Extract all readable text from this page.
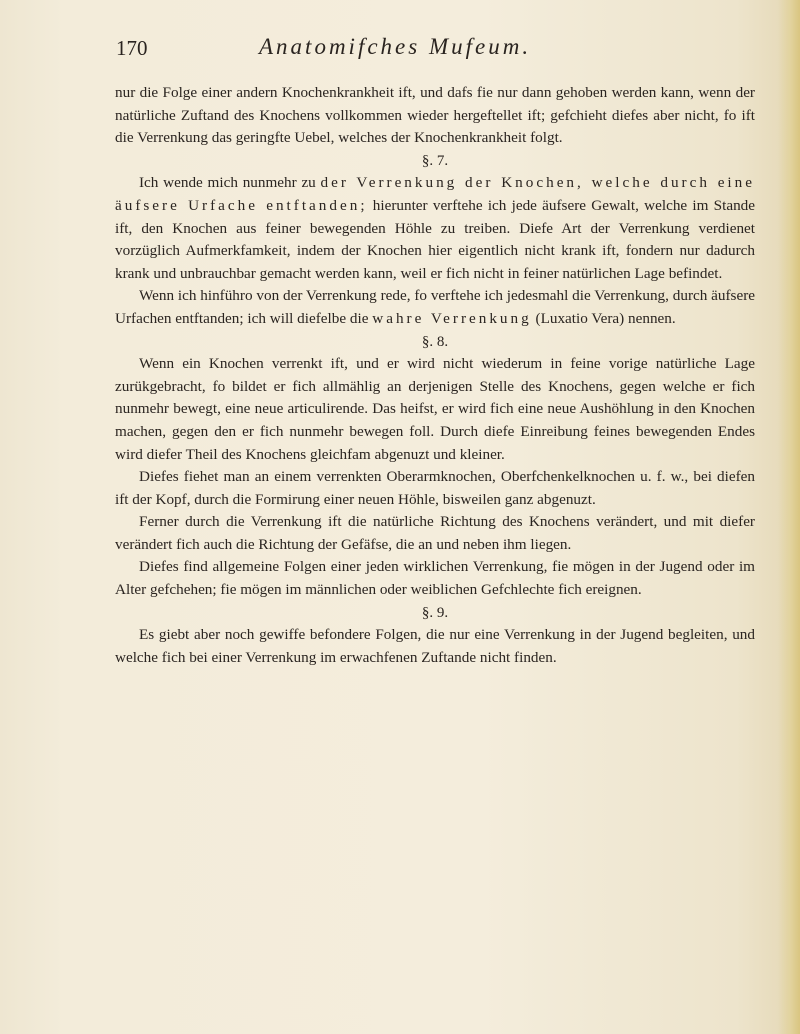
170	Anatomifches Mufeum.

nur die Folge einer andern Knochenkrankheit ift, und dafs fie nur dann gehoben werden kann, wenn der natürliche Zuftand des Knochens vollkommen wieder hergeftellet ift; gefchieht diefes aber nicht, fo ift die Verrenkung das geringfte Uebel, welches der Knochenkrankheit folgt.

§. 7.

Ich wende mich nunmehr zu der Verrenkung der Knochen, welche durch eine äufsere Urfache entftanden; hierunter verftehe ich jede äufsere Gewalt, welche im Stande ift, den Knochen aus feiner bewegenden Höhle zu treiben. Diefe Art der Verrenkung verdienet vorzüglich Aufmerkfamkeit, indem der Knochen hier eigentlich nicht krank ift, fondern nur dadurch krank und unbrauchbar gemacht werden kann, weil er fich nicht in feiner natürlichen Lage befindet.

Wenn ich hinführo von der Verrenkung rede, fo verftehe ich jedesmahl die Verrenkung, durch äufsere Urfachen entftanden; ich will diefelbe die wahre Verrenkung (Luxatio Vera) nennen.

§. 8.

Wenn ein Knochen verrenkt ift, und er wird nicht wiederum in feine vorige natürliche Lage zurükgebracht, fo bildet er fich allmählig an derjenigen Stelle des Knochens, gegen welche er fich nunmehr bewegt, eine neue articulirende. Das heifst, er wird fich eine neue Aushöhlung in den Knochen machen, gegen den er fich nunmehr bewegen foll. Durch diefe Einreibung feines bewegenden Endes wird diefer Theil des Knochens gleichfam abgenuzt und kleiner.

Diefes fiehet man an einem verrenkten Oberarmknochen, Oberfchenkelknochen u. f. w., bei diefen ift der Kopf, durch die Formirung einer neuen Höhle, bisweilen ganz abgenuzt.

Ferner durch die Verrenkung ift die natürliche Richtung des Knochens verändert, und mit diefer verändert fich auch die Richtung der Gefäfse, die an und neben ihm liegen.

Diefes find allgemeine Folgen einer jeden wirklichen Verrenkung, fie mögen in der Jugend oder im Alter gefchehen; fie mögen im männlichen oder weiblichen Gefchlechte fich ereignen.

§. 9.

Es giebt aber noch gewiffe befondere Folgen, die nur eine Verrenkung in der Jugend begleiten, und welche fich bei einer Verrenkung im erwachfenen Zuftande nicht finden.
